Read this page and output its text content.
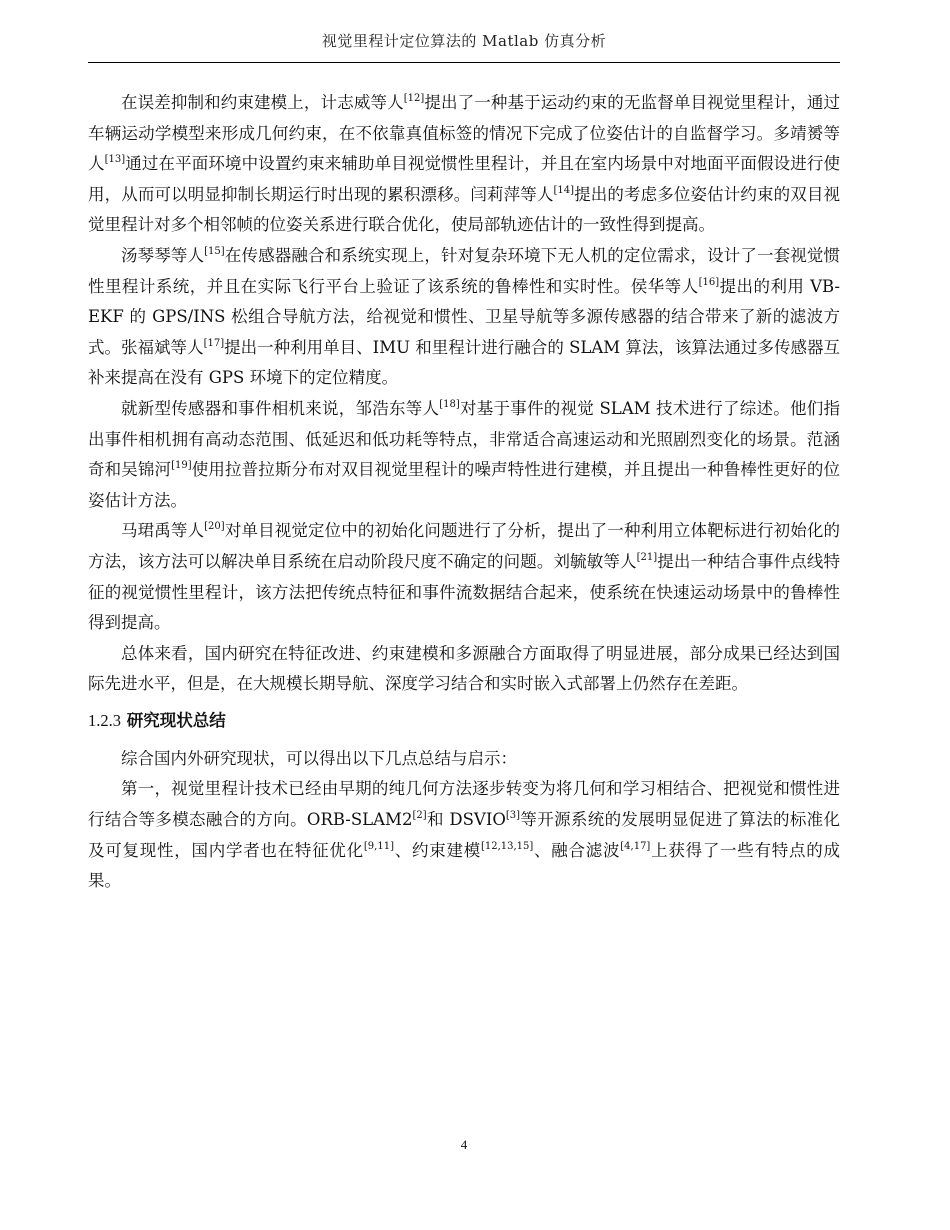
视觉里程计定位算法的 Matlab 仿真分析

在误差抑制和约束建模上，计志威等人[12]提出了一种基于运动约束的无监督单目视觉里程计，通过车辆运动学模型来形成几何约束，在不依靠真值标签的情况下完成了位姿估计的自监督学习。多靖赟等人[13]通过在平面环境中设置约束来辅助单目视觉惯性里程计，并且在室内场景中对地面平面假设进行使用，从而可以明显抑制长期运行时出现的累积漂移。闫莉萍等人[14]提出的考虑多位姿估计约束的双目视觉里程计对多个相邻帧的位姿关系进行联合优化，使局部轨迹估计的一致性得到提高。

汤琴琴等人[15]在传感器融合和系统实现上，针对复杂环境下无人机的定位需求，设计了一套视觉惯性里程计系统，并且在实际飞行平台上验证了该系统的鲁棒性和实时性。侯华等人[16]提出的利用 VB-EKF 的 GPS/INS 松组合导航方法，给视觉和惯性、卫星导航等多源传感器的结合带来了新的滤波方式。张福斌等人[17]提出一种利用单目、IMU 和里程计进行融合的 SLAM 算法，该算法通过多传感器互补来提高在没有 GPS 环境下的定位精度。

就新型传感器和事件相机来说，邹浩东等人[18]对基于事件的视觉 SLAM 技术进行了综述。他们指出事件相机拥有高动态范围、低延迟和低功耗等特点，非常适合高速运动和光照剧烈变化的场景。范涵奇和吴锦河[19]使用拉普拉斯分布对双目视觉里程计的噪声特性进行建模，并且提出一种鲁棒性更好的位姿估计方法。

马珺禹等人[20]对单目视觉定位中的初始化问题进行了分析，提出了一种利用立体靶标进行初始化的方法，该方法可以解决单目系统在启动阶段尺度不确定的问题。刘毓敏等人[21]提出一种结合事件点线特征的视觉惯性里程计，该方法把传统点特征和事件流数据结合起来，使系统在快速运动场景中的鲁棒性得到提高。

总体来看，国内研究在特征改进、约束建模和多源融合方面取得了明显进展，部分成果已经达到国际先进水平，但是，在大规模长期导航、深度学习结合和实时嵌入式部署上仍然存在差距。

1.2.3 研究现状总结

综合国内外研究现状，可以得出以下几点总结与启示：

第一，视觉里程计技术已经由早期的纯几何方法逐步转变为将几何和学习相结合、把视觉和惯性进行结合等多模态融合的方向。ORB-SLAM2[2]和 DSVIO[3]等开源系统的发展明显促进了算法的标准化及可复现性，国内学者也在特征优化[9,11]、约束建模[12,13,15]、融合滤波[4,17]上获得了一些有特点的成果。

4
